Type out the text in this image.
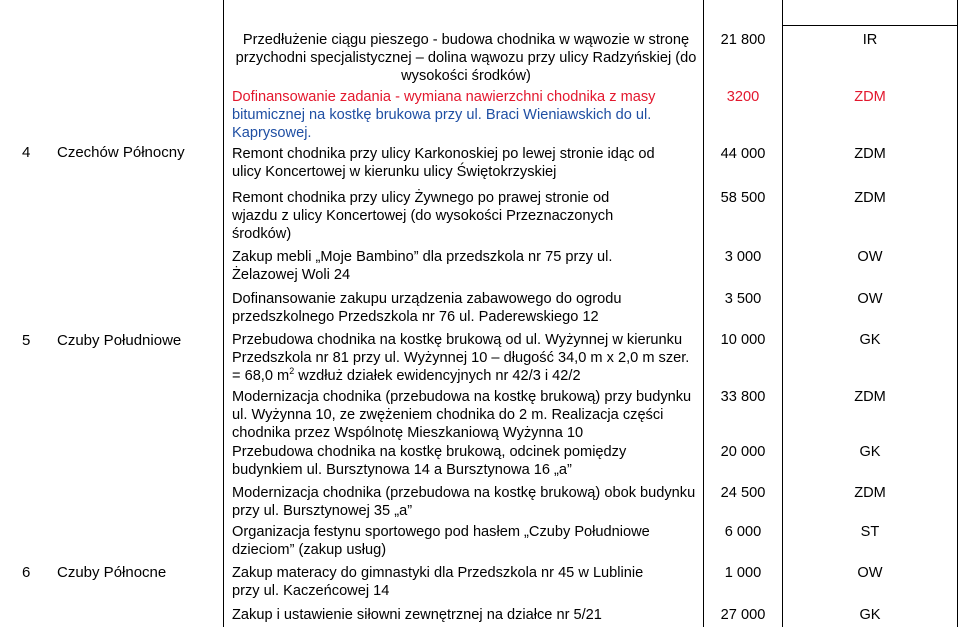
Przedłużenie ciągu pieszego - budowa chodnika w wąwozie w stronę
przychodni specjalistycznej – dolina wąwozu przy ulicy Radzyńskiej (do
wysokości środków)
21 800	IR
Dofinansowanie zadania - wymiana nawierzchni chodnika z masy
bitumicznej na kostkę brukowa przy ul. Braci Wieniawskich do ul.
Kaprysowej.
3200	ZDM
4 Czechów Północny	Remont chodnika przy ulicy Karkonoskiej po lewej stronie idąc od
ulicy Koncertowej w kierunku ulicy Świętokrzyskiej
44 000	ZDM
Remont chodnika przy ulicy Żywnego po prawej stronie od
wjazdu z ulicy Koncertowej (do wysokości Przeznaczonych
środków)
58 500	ZDM
Zakup mebli „Moje Bambino” dla przedszkola nr 75 przy ul.
Żelazowej Woli 24
3 000	OW
Dofinansowanie zakupu urządzenia zabawowego do ogrodu
przedszkolnego Przedszkola nr 76 ul. Paderewskiego 12
3 500	OW
5 Czuby Południowe	Przebudowa chodnika na kostkę brukową od ul. Wyżynnej w kierunku
Przedszkola nr 81 przy ul. Wyżynnej 10 – długość 34,0 m x 2,0 m szer.
= 68,0 $m^2$ wzdłuż działek ewidencyjnych nr 42/3 i 42/2
10 000	GK
Modernizacja chodnika (przebudowa na kostkę brukową) przy budynku
ul. Wyżynna 10, ze zwężeniem chodnika do 2 m. Realizacja części
chodnika przez Wspólnotę Mieszkaniową Wyżynna 10
33 800	ZDM
Przebudowa chodnika na kostkę brukową, odcinek pomiędzy
budynkiem ul. Bursztynowa 14 a Bursztynowa 16 „a”
20 000	GK
Modernizacja chodnika (przebudowa na kostkę brukową) obok budynku
przy ul. Bursztynowej 35 „a”
24 500	ZDM
Organizacja festynu sportowego pod hasłem „Czuby Południowe
dzieciom” (zakup usług)
6 000	ST
6 Czuby Północne	Zakup materacy do gimnastyki dla Przedszkola nr 45 w Lublinie
przy ul. Kaczeńcowej 14
1 000	OW
Zakup i ustawienie siłowni zewnętrznej na działce nr 5/21	27 000	GK
